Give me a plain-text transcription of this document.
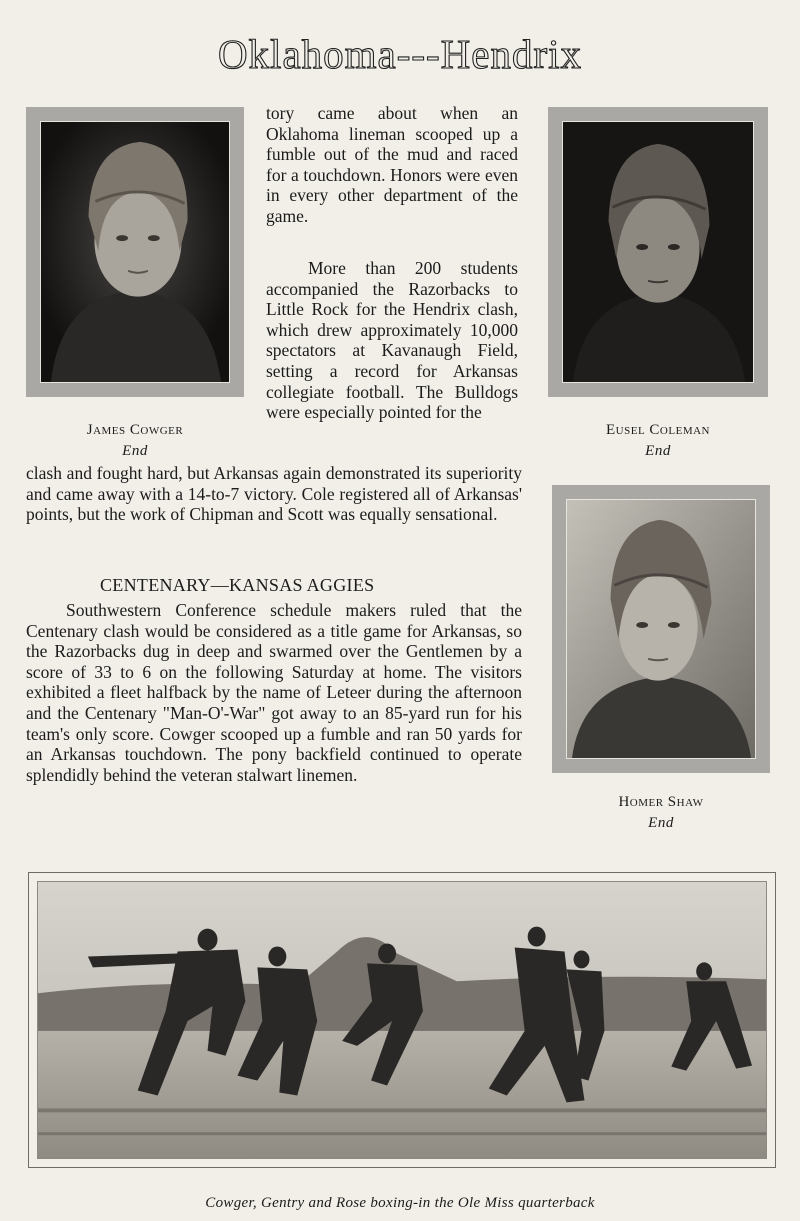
Oklahoma---Hendrix
James Cowger
End
Eusel Coleman
End
Homer Shaw
End

tory came about when an Oklahoma lineman scooped up a fumble out of the mud and raced for a touchdown. Honors were even in every other department of the game.

More than 200 students accompanied the Razorbacks to Little Rock for the Hendrix clash, which drew approximately 10,000 spectators at Kavanaugh Field, setting a record for Arkansas collegiate football. The Bulldogs were especially pointed for the

clash and fought hard, but Arkansas again demonstrated its superiority and came away with a 14-to-7 victory. Cole registered all of Arkansas' points, but the work of Chipman and Scott was equally sensational.

CENTENARY—KANSAS AGGIES

Southwestern Conference schedule makers ruled that the Centenary clash would be considered as a title game for Arkansas, so the Razorbacks dug in deep and swarmed over the Gentlemen by a score of 33 to 6 on the following Saturday at home. The visitors exhibited a fleet halfback by the name of Leteer during the afternoon and the Centenary "Man-O'-War" got away to an 85-yard run for his team's only score. Cowger scooped up a fumble and ran 50 yards for an Arkansas touchdown. The pony backfield continued to operate splendidly behind the veteran stalwart linemen.

Cowger, Gentry and Rose boxing-in the Ole Miss quarterback
